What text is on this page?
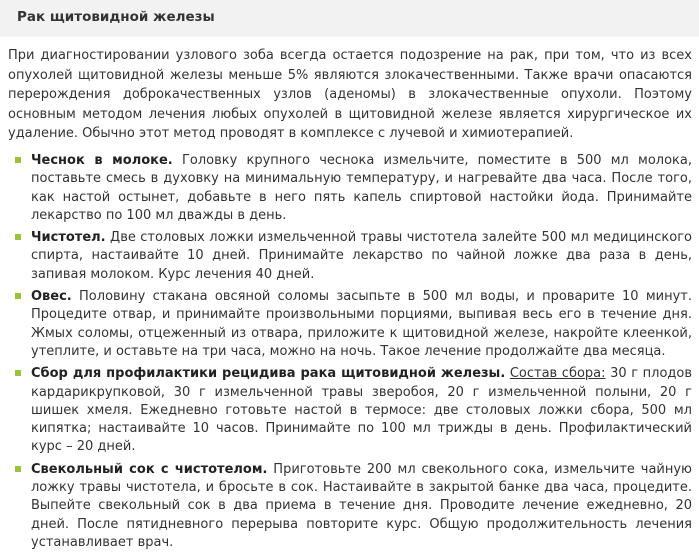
Рак щитовидной железы

При диагностировании узлового зоба всегда остается подозрение на рак, при том, что из всех опухолей щитовидной железы меньше 5% являются злокачественными. Также врачи опасаются перерождения доброкачественных узлов (аденомы) в злокачественные опухоли. Поэтому основным методом лечения любых опухолей в щитовидной железе является хирургическое их удаление. Обычно этот метод проводят в комплексе с лучевой и химиотерапией.

Чеснок в молоке. Головку крупного чеснока измельчите, поместите в 500 мл молока, поставьте смесь в духовку на минимальную температуру, и нагревайте два часа. После того, как настой остынет, добавьте в него пять капель спиртовой настойки йода. Принимайте лекарство по 100 мл дважды в день.
Чистотел. Две столовых ложки измельченной травы чистотела залейте 500 мл медицинского спирта, настаивайте 10 дней. Принимайте лекарство по чайной ложке два раза в день, запивая молоком. Курс лечения 40 дней.
Овес. Половину стакана овсяной соломы засыпьте в 500 мл воды, и проварите 10 минут. Процедите отвар, и принимайте произвольными порциями, выпивая весь его в течение дня. Жмых соломы, отцеженный из отвара, приложите к щитовидной железе, накройте клеенкой, утеплите, и оставьте на три часа, можно на ночь. Такое лечение продолжайте два месяца.
Сбор для профилактики рецидива рака щитовидной железы. Состав сбора: 30 г плодов кардарикрупковой, 30 г измельченной травы зверобоя, 20 г измельченной полыни, 20 г шишек хмеля. Ежедневно готовьте настой в термосе: две столовых ложки сбора, 500 мл кипятка; настаивайте 10 часов. Принимайте по 100 мл трижды в день. Профилактический курс – 20 дней.
Свекольный сок с чистотелом. Приготовьте 200 мл свекольного сока, измельчите чайную ложку травы чистотела, и бросьте в сок. Настаивайте в закрытой банке два часа, процедите. Выпейте свекольный сок в два приема в течение дня. Проводите лечение ежедневно, 20 дней. После пятидневного перерыва повторите курс. Общую продолжительность лечения устанавливает врач.
